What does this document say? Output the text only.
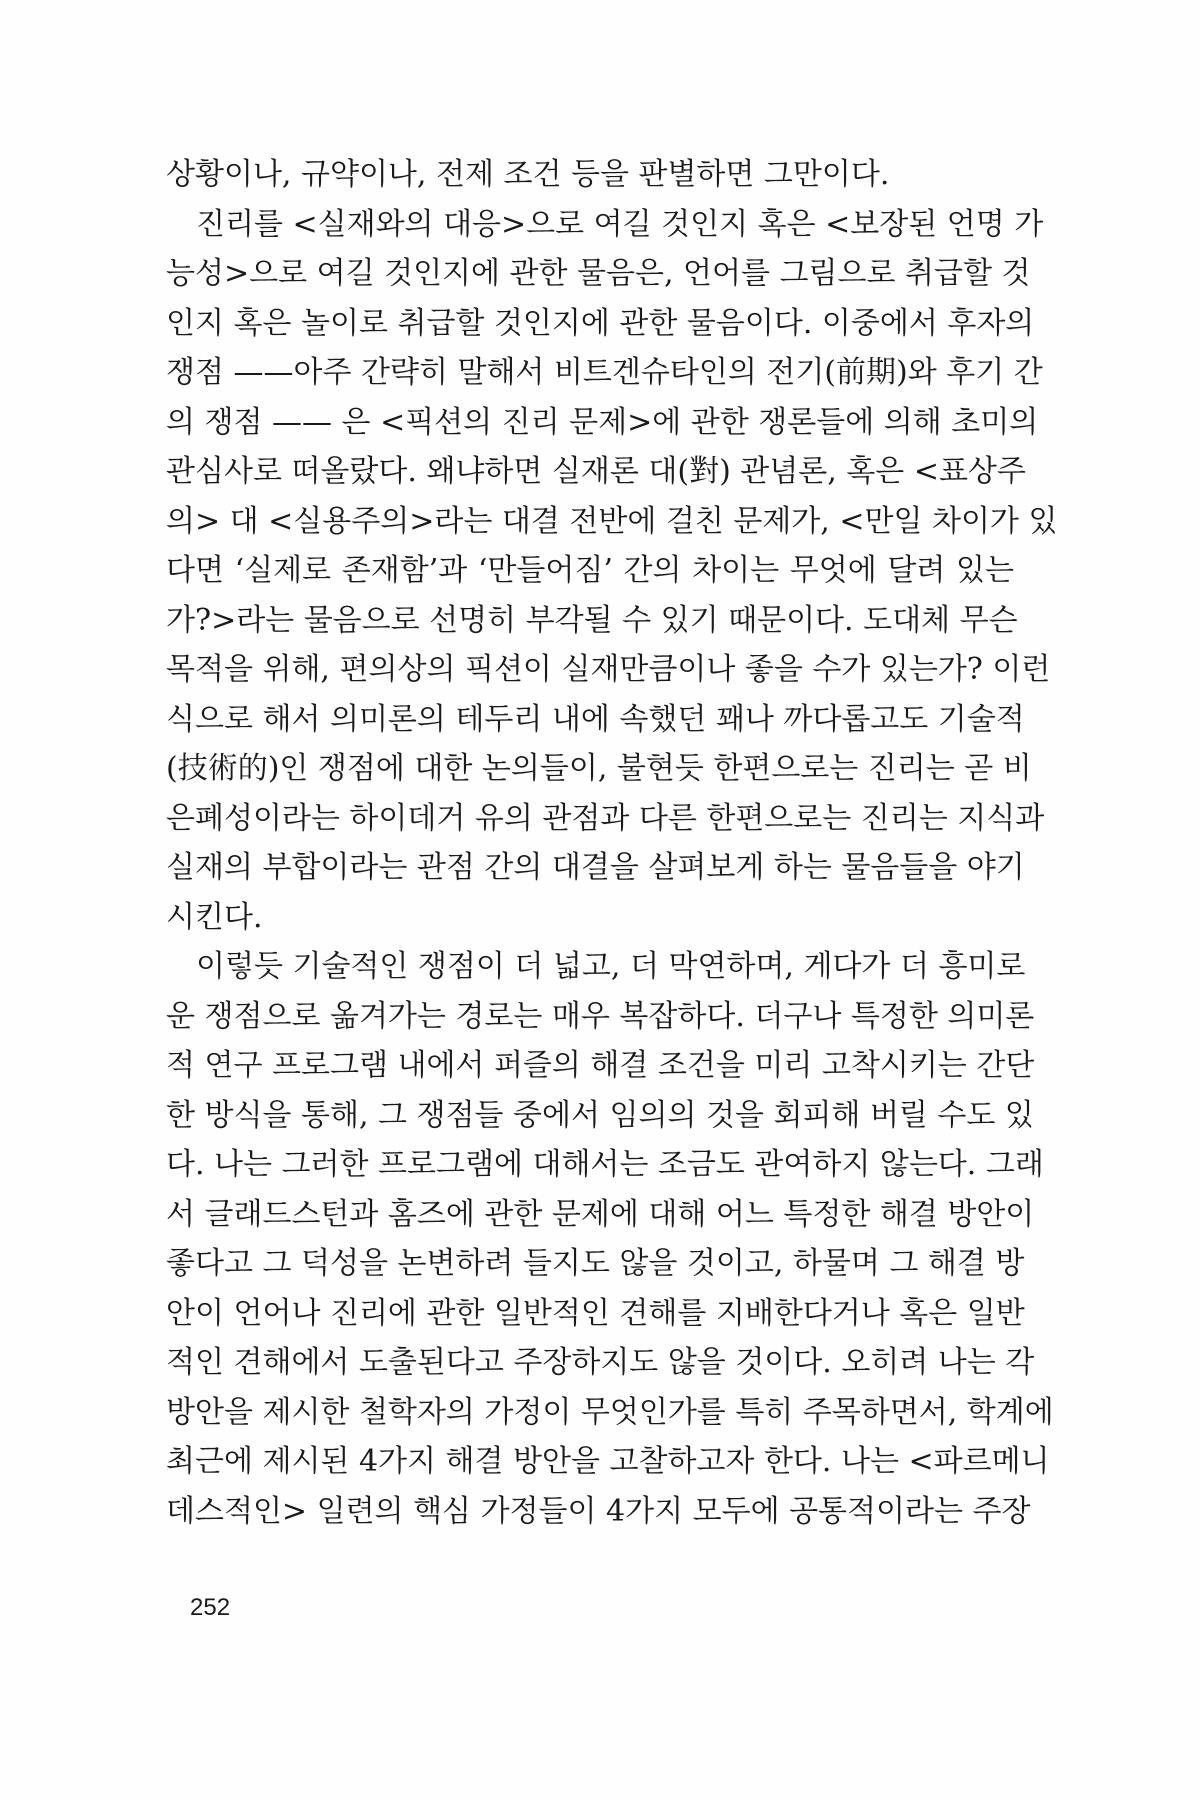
상황이나, 규약이나, 전제 조건 등을 판별하면 그만이다.
진리를 <실재와의 대응>으로 여길 것인지 혹은 <보장된 언명 가
능성>으로 여길 것인지에 관한 물음은, 언어를 그림으로 취급할 것
인지 혹은 놀이로 취급할 것인지에 관한 물음이다. 이중에서 후자의
쟁점 ——아주 간략히 말해서 비트겐슈타인의 전기(前期)와 후기 간
의 쟁점 —— 은 <픽션의 진리 문제>에 관한 쟁론들에 의해 초미의
관심사로 떠올랐다. 왜냐하면 실재론 대(對) 관념론, 혹은 <표상주
의> 대 <실용주의>라는 대결 전반에 걸친 문제가, <만일 차이가 있
다면 ‘실제로 존재함’과 ‘만들어짐’ 간의 차이는 무엇에 달려 있는
가?>라는 물음으로 선명히 부각될 수 있기 때문이다. 도대체 무슨
목적을 위해, 편의상의 픽션이 실재만큼이나 좋을 수가 있는가? 이런
식으로 해서 의미론의 테두리 내에 속했던 꽤나 까다롭고도 기술적
(技術的)인 쟁점에 대한 논의들이, 불현듯 한편으로는 진리는 곧 비
은폐성이라는 하이데거 유의 관점과 다른 한편으로는 진리는 지식과
실재의 부합이라는 관점 간의 대결을 살펴보게 하는 물음들을 야기
시킨다.
이렇듯 기술적인 쟁점이 더 넓고, 더 막연하며, 게다가 더 흥미로
운 쟁점으로 옮겨가는 경로는 매우 복잡하다. 더구나 특정한 의미론
적 연구 프로그램 내에서 퍼즐의 해결 조건을 미리 고착시키는 간단
한 방식을 통해, 그 쟁점들 중에서 임의의 것을 회피해 버릴 수도 있
다. 나는 그러한 프로그램에 대해서는 조금도 관여하지 않는다. 그래
서 글래드스턴과 홈즈에 관한 문제에 대해 어느 특정한 해결 방안이
좋다고 그 덕성을 논변하려 들지도 않을 것이고, 하물며 그 해결 방
안이 언어나 진리에 관한 일반적인 견해를 지배한다거나 혹은 일반
적인 견해에서 도출된다고 주장하지도 않을 것이다. 오히려 나는 각
방안을 제시한 철학자의 가정이 무엇인가를 특히 주목하면서, 학계에
최근에 제시된 4가지 해결 방안을 고찰하고자 한다. 나는 <파르메니
데스적인> 일련의 핵심 가정들이 4가지 모두에 공통적이라는 주장
252
